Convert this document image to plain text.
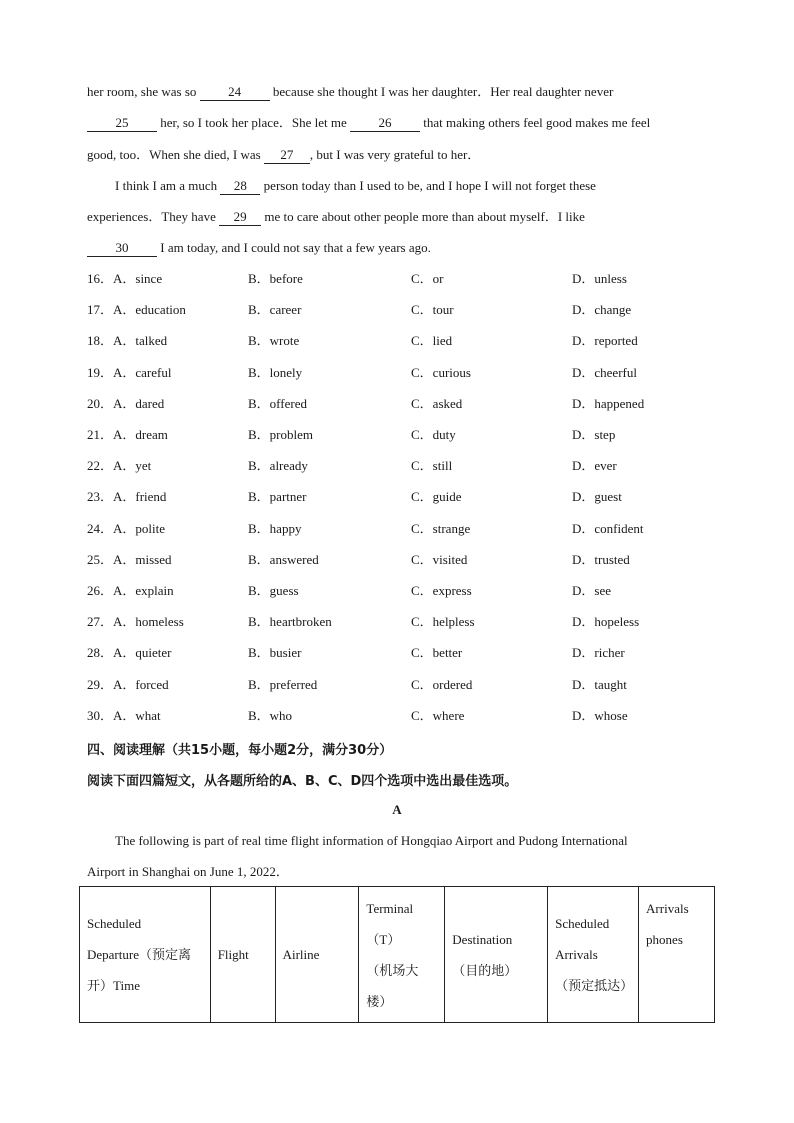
her room, she was so 24 because she thought I was her daughter．Her real daughter never
25 her, so I took her place．She let me 26 that making others feel good makes me feel
good, too．When she died, I was 27 , but I was very grateful to her．
I think I am a much 28 person today than I used to be, and I hope I will not forget these
experiences．They have 29 me to care about other people more than about myself．I like
30 I am today, and I could not say that a few years ago.
16．A．since	B．before	C．or	D．unless
17．A．education	B．career	C．tour	D．change
18．A．talked	B．wrote	C．lied	D．reported
19．A．careful	B．lonely	C．curious	D．cheerful
20．A．dared	B．offered	C．asked	D．happened
21．A．dream	B．problem	C．duty	D．step
22．A．yet	B．already	C．still	D．ever
23．A．friend	B．partner	C．guide	D．guest
24．A．polite	B．happy	C．strange	D．confident
25．A．missed	B．answered	C．visited	D．trusted
26．A．explain	B．guess	C．express	D．see
27．A．homeless	B．heartbroken	C．helpless	D．hopeless
28．A．quieter	B．busier	C．better	D．richer
29．A．forced	B．preferred	C．ordered	D．taught
30．A．what	B．who	C．where	D．whose
四、阅读理解（共15小题，每小题2分，满分30分）
阅读下面四篇短文，从各题所给的A、B、C、D四个选项中选出最佳选项。
A
The following is part of real time flight information of Hongqiao Airport and Pudong International
Airport in Shanghai on June 1, 2022．
Scheduled
Departure（预定离
开）Time	Flight	Airline	Terminal
（T）
（机场大
楼）	Destination
（目的地）	Scheduled
Arrivals
（预定抵达）	Arrivals
phones
